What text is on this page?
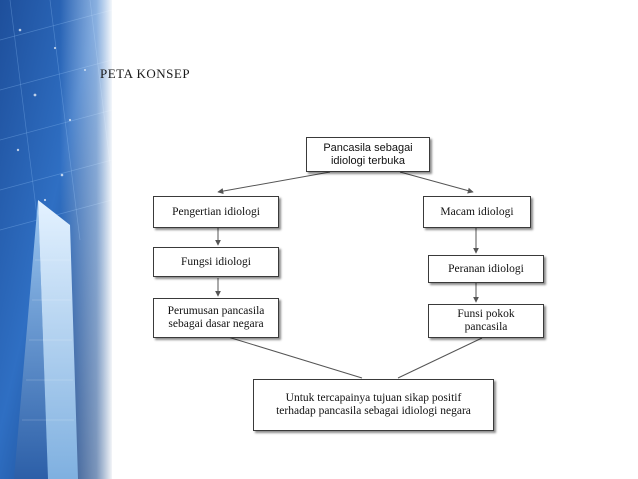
PETA KONSEP
Pancasila sebagai
idiologi terbuka
Pengertian idiologi
Fungsi idiologi
Perumusan pancasila
sebagai dasar negara
Macam idiologi
Peranan idiologi
Funsi pokok
pancasila
Untuk tercapainya tujuan sikap positif
terhadap pancasila sebagai idiologi negara
